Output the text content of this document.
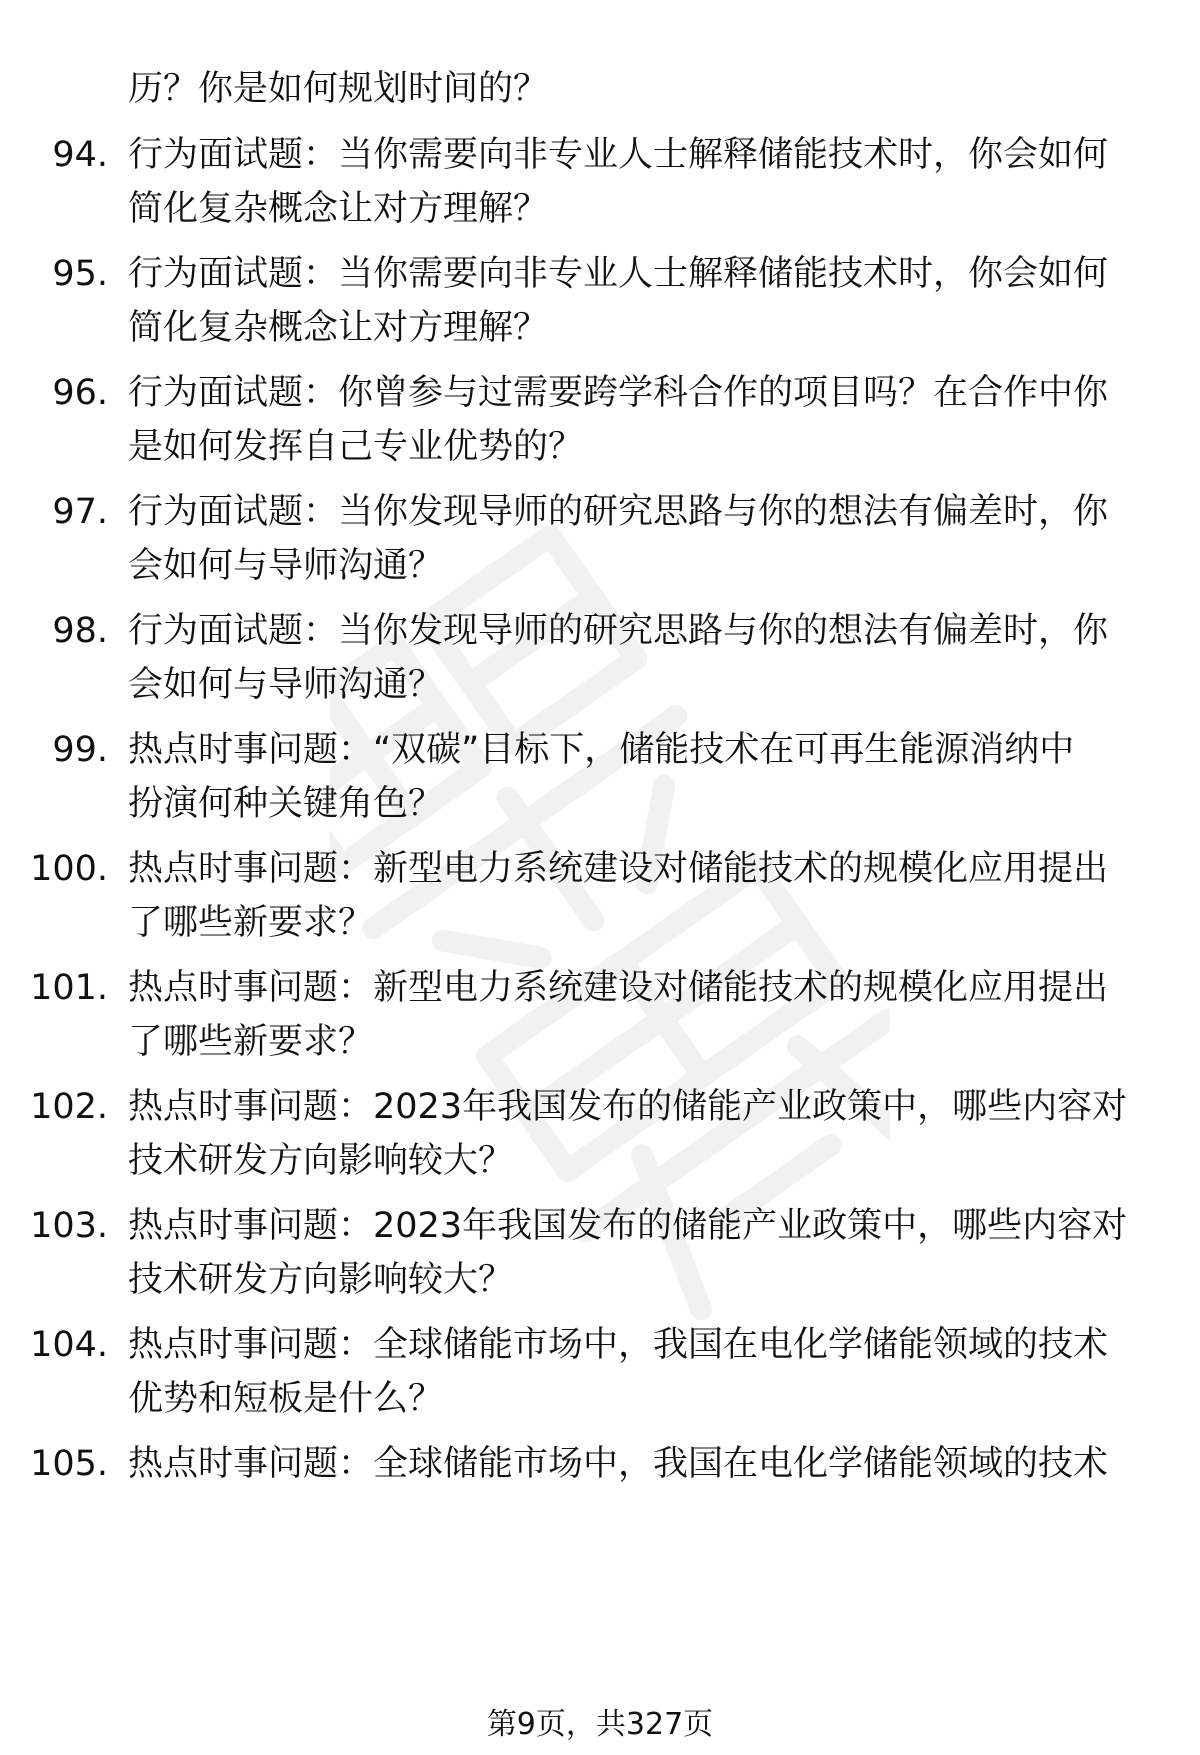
历？你是如何规划时间的？
94. 行为面试题：当你需要向非专业人士解释储能技术时，你会如何
简化复杂概念让对方理解？
95. 行为面试题：当你需要向非专业人士解释储能技术时，你会如何
简化复杂概念让对方理解？
96. 行为面试题：你曾参与过需要跨学科合作的项目吗？在合作中你
是如何发挥自己专业优势的？
97. 行为面试题：当你发现导师的研究思路与你的想法有偏差时，你
会如何与导师沟通？
98. 行为面试题：当你发现导师的研究思路与你的想法有偏差时，你
会如何与导师沟通？
99. 热点时事问题：“双碳”目标下，储能技术在可再生能源消纳中
扮演何种关键角色？
100. 热点时事问题：新型电力系统建设对储能技术的规模化应用提出
了哪些新要求？
101. 热点时事问题：新型电力系统建设对储能技术的规模化应用提出
了哪些新要求？
102. 热点时事问题：2023年我国发布的储能产业政策中，哪些内容对
技术研发方向影响较大？
103. 热点时事问题：2023年我国发布的储能产业政策中，哪些内容对
技术研发方向影响较大？
104. 热点时事问题：全球储能市场中，我国在电化学储能领域的技术
优势和短板是什么？
105. 热点时事问题：全球储能市场中，我国在电化学储能领域的技术
第9页，共327页
